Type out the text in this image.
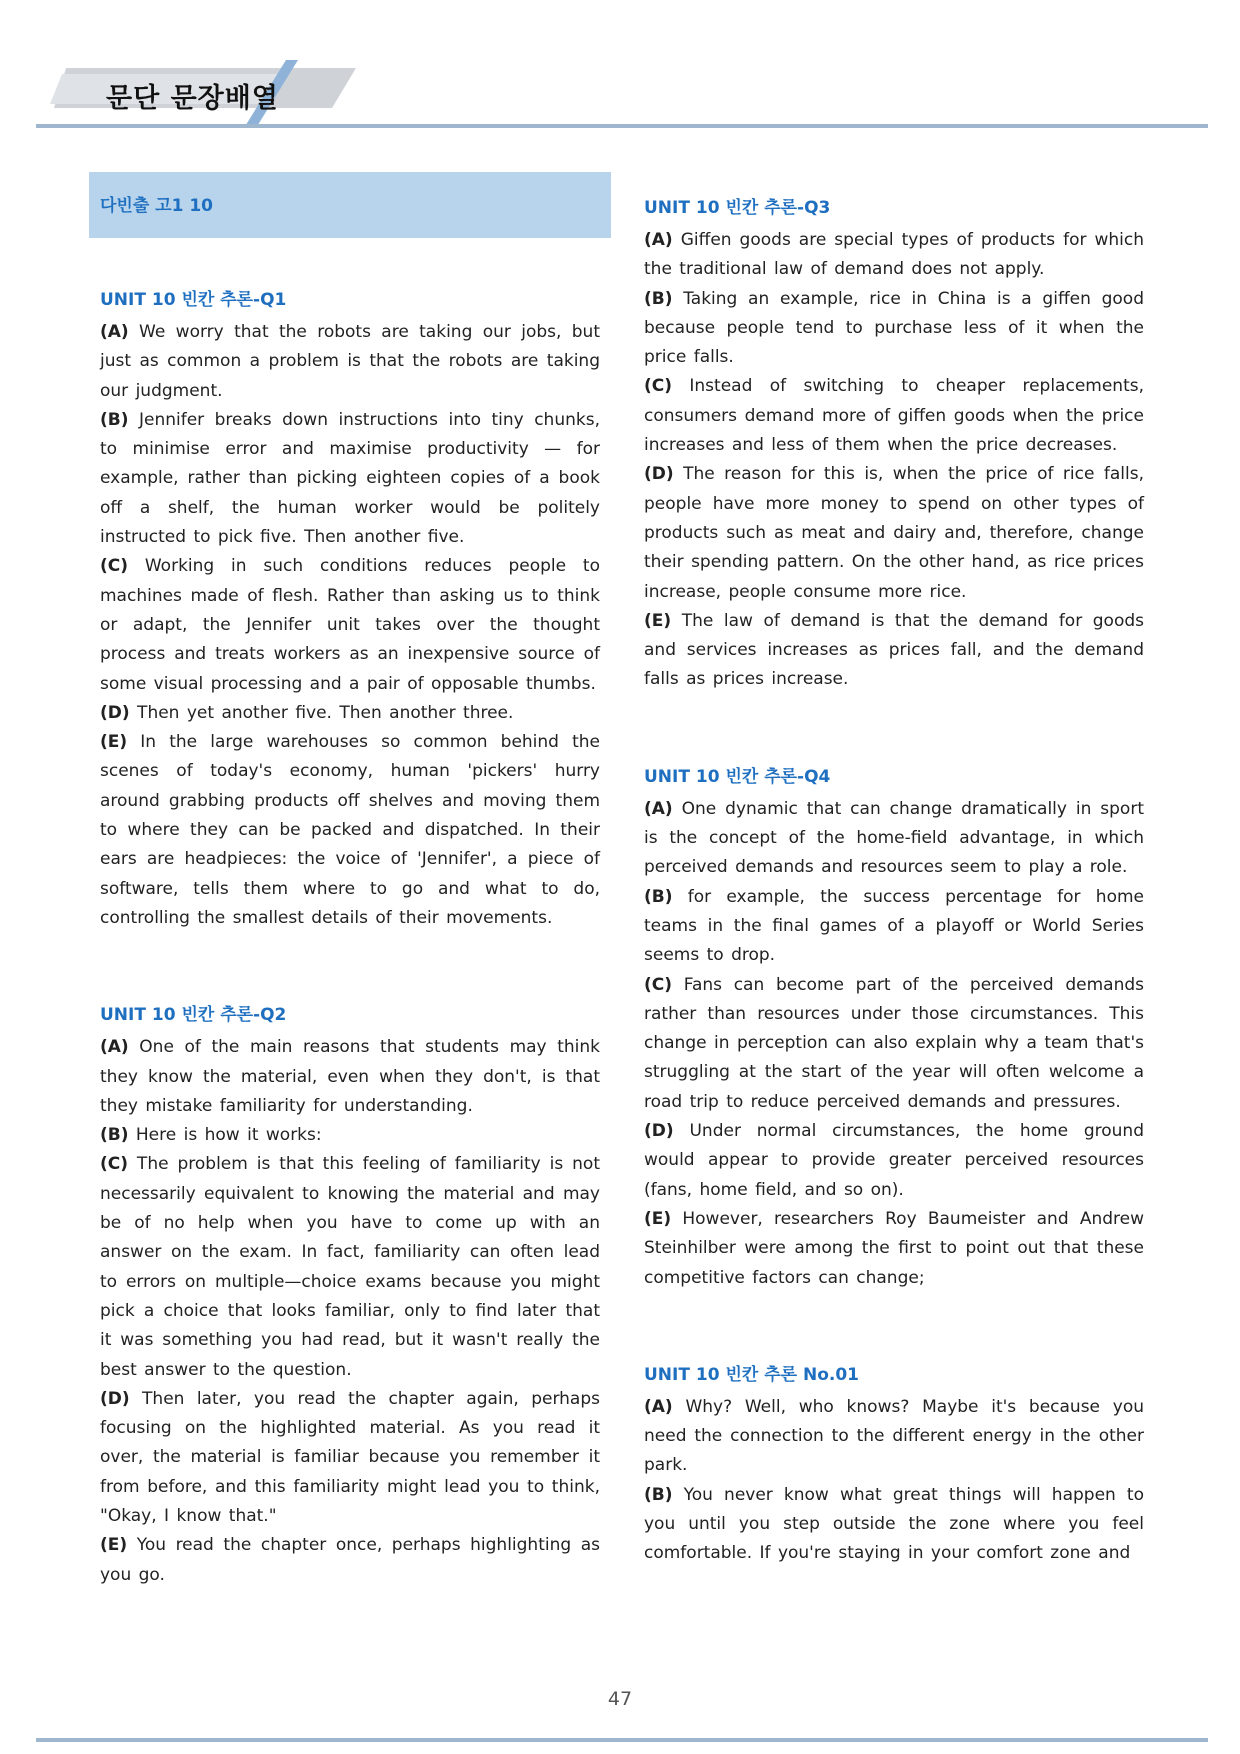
문단 문장배열
다빈출 고1 10
UNIT 10 빈칸 추론-Q1

(A) We worry that the robots are taking our jobs, but just as common a problem is that the robots are taking our judgment.
(B) Jennifer breaks down instructions into tiny chunks, to minimise error and maximise productivity — for example, rather than picking eighteen copies of a book off a shelf, the human worker would be politely instructed to pick five. Then another five.
(C) Working in such conditions reduces people to machines made of flesh. Rather than asking us to think or adapt, the Jennifer unit takes over the thought process and treats workers as an inexpensive source of some visual processing and a pair of opposable thumbs.
(D) Then yet another five. Then another three.
(E) In the large warehouses so common behind the scenes of today's economy, human 'pickers' hurry around grabbing products off shelves and moving them to where they can be packed and dispatched. In their ears are headpieces: the voice of 'Jennifer', a piece of software, tells them where to go and what to do, controlling the smallest details of their movements.

UNIT 10 빈칸 추론-Q2

(A) One of the main reasons that students may think they know the material, even when they don't, is that they mistake familiarity for understanding.
(B) Here is how it works:
(C) The problem is that this feeling of familiarity is not necessarily equivalent to knowing the material and may be of no help when you have to come up with an answer on the exam. In fact, familiarity can often lead to errors on multiple—choice exams because you might pick a choice that looks familiar, only to find later that it was something you had read, but it wasn't really the best answer to the question.
(D) Then later, you read the chapter again, perhaps focusing on the highlighted material. As you read it over, the material is familiar because you remember it from before, and this familiarity might lead you to think, "Okay, I know that."
(E) You read the chapter once, perhaps highlighting as you go.

UNIT 10 빈칸 추론-Q3

(A) Giffen goods are special types of products for which the traditional law of demand does not apply.
(B) Taking an example, rice in China is a giffen good because people tend to purchase less of it when the price falls.
(C) Instead of switching to cheaper replacements, consumers demand more of giffen goods when the price increases and less of them when the price decreases.
(D) The reason for this is, when the price of rice falls, people have more money to spend on other types of products such as meat and dairy and, therefore, change their spending pattern. On the other hand, as rice prices increase, people consume more rice.
(E) The law of demand is that the demand for goods and services increases as prices fall, and the demand falls as prices increase.

UNIT 10 빈칸 추론-Q4

(A) One dynamic that can change dramatically in sport is the concept of the home-field advantage, in which perceived demands and resources seem to play a role.
(B) for example, the success percentage for home teams in the final games of a playoff or World Series seems to drop.
(C) Fans can become part of the perceived demands rather than resources under those circumstances. This change in perception can also explain why a team that's struggling at the start of the year will often welcome a road trip to reduce perceived demands and pressures.
(D) Under normal circumstances, the home ground would appear to provide greater perceived resources (fans, home field, and so on).
(E) However, researchers Roy Baumeister and Andrew Steinhilber were among the first to point out that these competitive factors can change;

UNIT 10 빈칸 추론 No.01

(A) Why? Well, who knows? Maybe it's because you need the connection to the different energy in the other park.
(B) You never know what great things will happen to you until you step outside the zone where you feel comfortable. If you're staying in your comfort zone and

47
